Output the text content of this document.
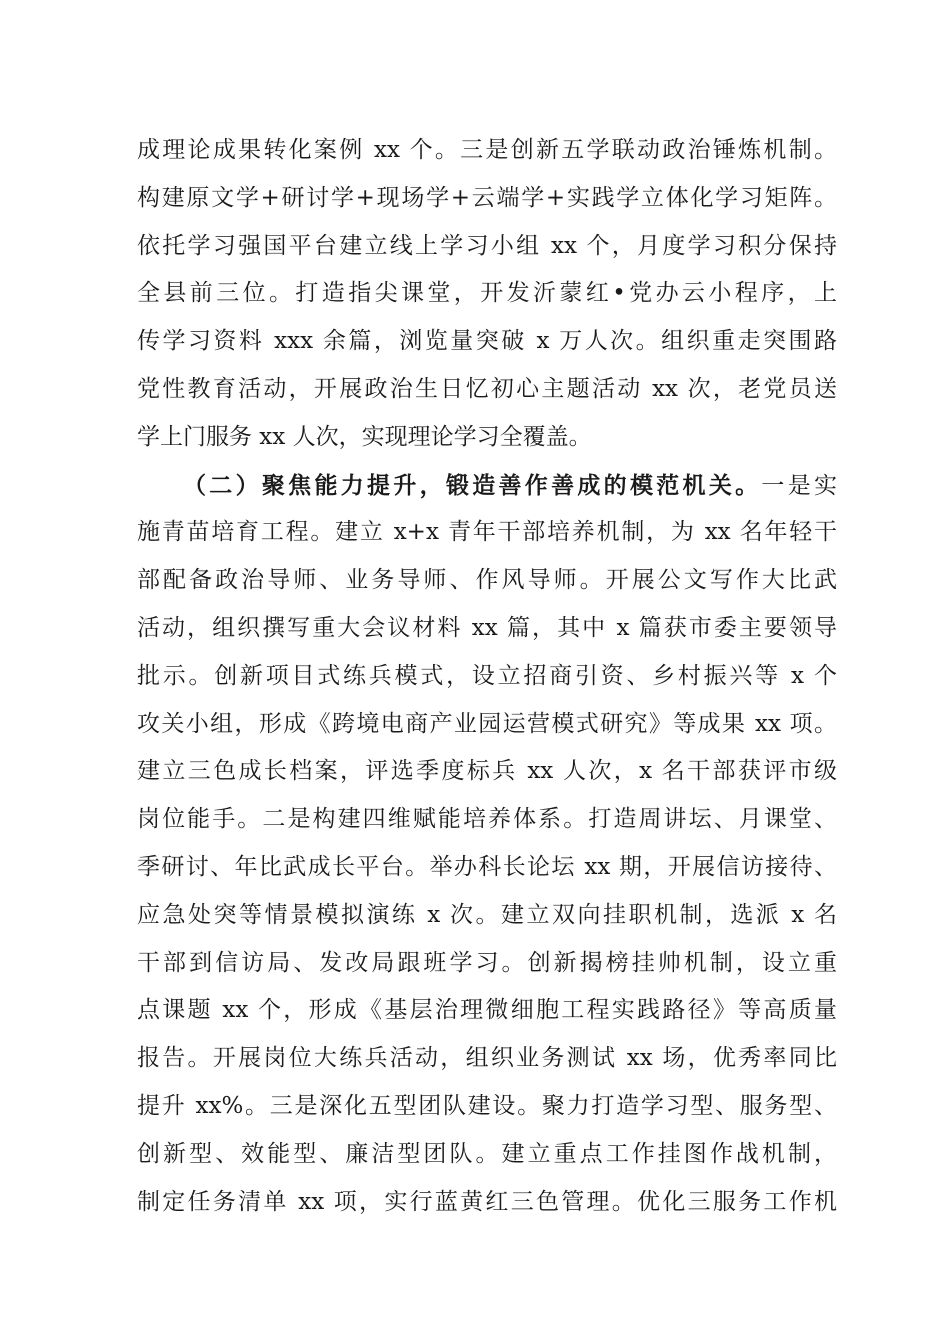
成理论成果转化案例 xx 个。三是创新五学联动政治锤炼机制。
构建原文学+研讨学+现场学+云端学+实践学立体化学习矩阵。
依托学习强国平台建立线上学习小组 xx 个，月度学习积分保持
全县前三位。打造指尖课堂，开发沂蒙红•党办云小程序，上
传学习资料 xxx 余篇，浏览量突破 x 万人次。组织重走突围路
党性教育活动，开展政治生日忆初心主题活动 xx 次，老党员送
学上门服务 xx 人次，实现理论学习全覆盖。
（二）聚焦能力提升，锻造善作善成的模范机关。一是实
施青苗培育工程。建立 x+x 青年干部培养机制，为 xx 名年轻干
部配备政治导师、业务导师、作风导师。开展公文写作大比武
活动，组织撰写重大会议材料 xx 篇，其中 x 篇获市委主要领导
批示。创新项目式练兵模式，设立招商引资、乡村振兴等 x 个
攻关小组，形成《跨境电商产业园运营模式研究》等成果 xx 项。
建立三色成长档案，评选季度标兵 xx 人次，x 名干部获评市级
岗位能手。二是构建四维赋能培养体系。打造周讲坛、月课堂、
季研讨、年比武成长平台。举办科长论坛 xx 期，开展信访接待、
应急处突等情景模拟演练 x 次。建立双向挂职机制，选派 x 名
干部到信访局、发改局跟班学习。创新揭榜挂帅机制，设立重
点课题 xx 个，形成《基层治理微细胞工程实践路径》等高质量
报告。开展岗位大练兵活动，组织业务测试 xx 场，优秀率同比
提升 xx%。三是深化五型团队建设。聚力打造学习型、服务型、
创新型、效能型、廉洁型团队。建立重点工作挂图作战机制，
制定任务清单 xx 项，实行蓝黄红三色管理。优化三服务工作机
